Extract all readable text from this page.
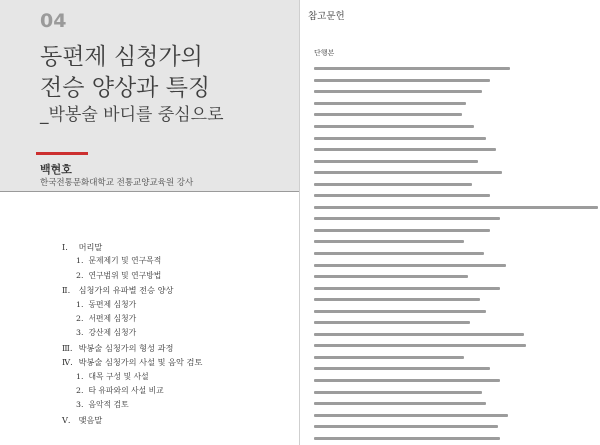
04
동편제 심청가의
전승 양상과 특징
_박봉술 바디를 중심으로
백현호
한국전통문화대학교 전통교양교육원 강사
Ⅰ. 머리말
1. 문제제기 및 연구목적
2. 연구범위 및 연구방법
Ⅱ. 심청가의 유파별 전승 양상
1. 동편제 심청가
2. 서편제 심청가
3. 강산제 심청가
Ⅲ. 박봉술 심청가의 형성 과정
Ⅳ. 박봉술 심청가의 사설 및 음악 검토
1. 대목 구성 및 사설
2. 타 유파와의 사설 비교
3. 음악적 검토
Ⅴ. 맺음말
참고문헌
단행본
